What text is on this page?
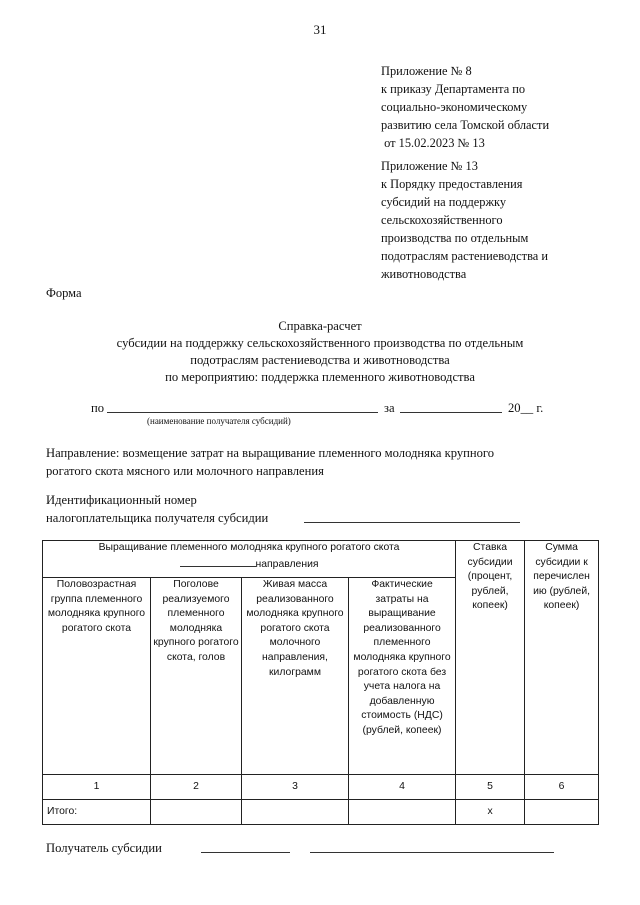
31
Приложение № 8
к приказу Департамента по
социально-экономическому
развитию села Томской области
от 15.02.2023 № 13
Приложение № 13
к Порядку предоставления
субсидий на поддержку
сельскохозяйственного
производства по отдельным
подотраслям растениеводства и
животноводства
Форма
Справка-расчет
субсидии на поддержку сельскохозяйственного производства по отдельным
подотраслям растениеводства и животноводства
по мероприятию: поддержка племенного животноводства
по	за	20__ г.
(наименование получателя субсидий)
Направление: возмещение затрат на выращивание племенного молодняка крупного
рогатого скота мясного или молочного направления
Идентификационный номер
налогоплательщика получателя субсидии
Выращивание племенного молодняка крупного рогатого скота
направления				Ставка субсидии (процент, рублей, копеек)	Сумма субсидии к перечислен ию (рублей, копеек)
Половозрастная группа племенного молодняка крупного рогатого скота	Поголове реализуемого племенного молодняка крупного рогатого скота, голов	Живая масса реализованного молодняка крупного рогатого скота молочного направления, килограмм	Фактические затраты на выращивание реализованного племенного молодняка крупного рогатого скота без учета налога на добавленную стоимость (НДС) (рублей, копеек)		
1	2	3	4	5	6
Итого:				х	
Получатель субсидии
